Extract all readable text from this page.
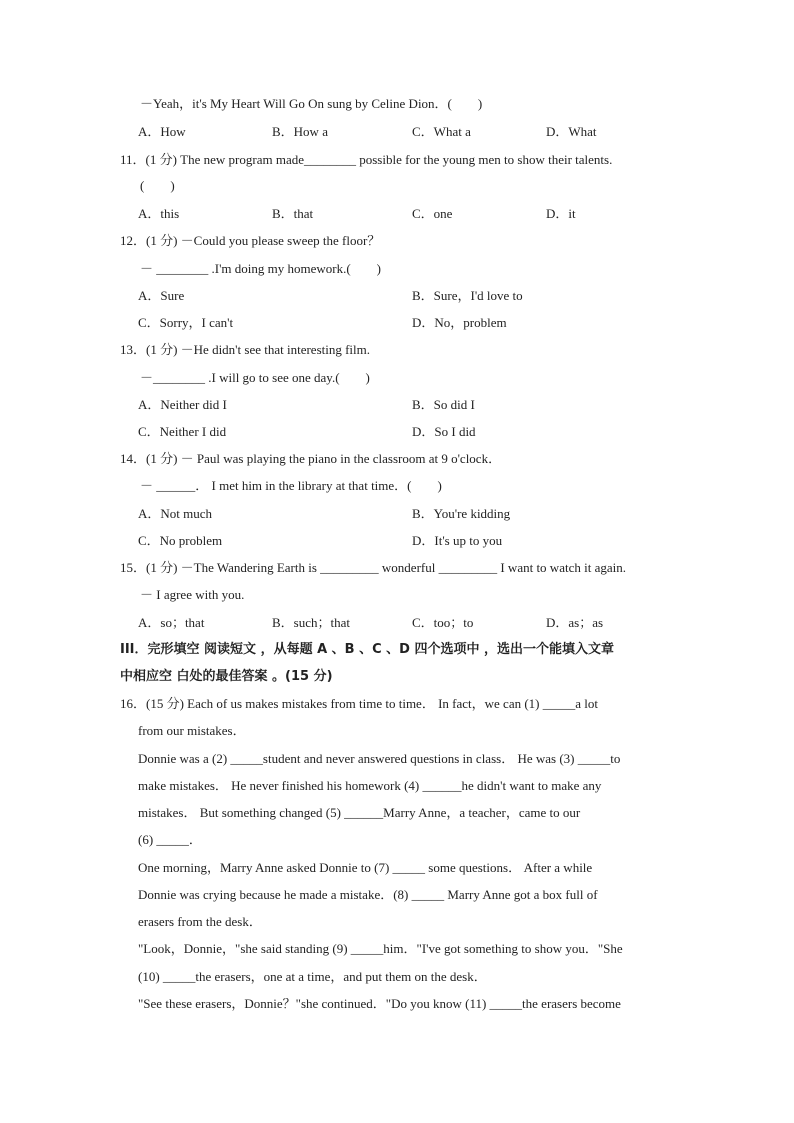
－Yeah，it's My Heart Will Go On sung by Celine Dion．(　　)
A．How	B．How a	C．What a	D．What
11．(1 分) The new program made________ possible for the young men to show their talents.
(　　)
A．this	B．that	C．one	D．it
12．(1 分) －Could you please sweep the floor？
－ ________ .I'm doing my homework.(　　)
A．Sure	B．Sure，I'd love to
C．Sorry，I can't	D．No，problem
13．(1 分) －He didn't see that interesting film.
－________ .I will go to see one day.(　　)
A．Neither did I	B．So did I
C．Neither I did	D．So I did
14．(1 分) － Paul was playing the piano in the classroom at 9 o'clock．
－ ______． I met him in the library at that time．(　　)
A．Not much	B．You're kidding
C．No problem	D．It's up to you
15．(1 分) －The Wandering Earth is _________ wonderful _________ I want to watch it again.
－ I agree with you.
A．so；that	B．such；that	C．too；to	D．as；as
III．完形填空 阅读短文 ，从每题 A 、B 、C 、D 四个选项中 ，选出一个能填入文章
中相应空 白处的最佳答案 。(15 分)
16．(15 分) Each of us makes mistakes from time to time． In fact，we can (1) _____a lot
from our mistakes．
Donnie was a (2) _____student and never answered questions in class． He was (3) _____to
make mistakes． He never finished his homework (4) ______he didn't want to make any
mistakes． But something changed (5) ______Marry Anne，a teacher，came to our
(6) _____．
One morning，Marry Anne asked Donnie to (7) _____ some questions． After a while
Donnie was crying because he made a mistake．(8) _____ Marry Anne got a box full of
erasers from the desk．
"Look，Donnie，"she said standing (9) _____him．"I've got something to show you．"She
(10) _____the erasers，one at a time，and put them on the desk．
"See these erasers，Donnie？"she continued．"Do you know (11) _____the erasers become
